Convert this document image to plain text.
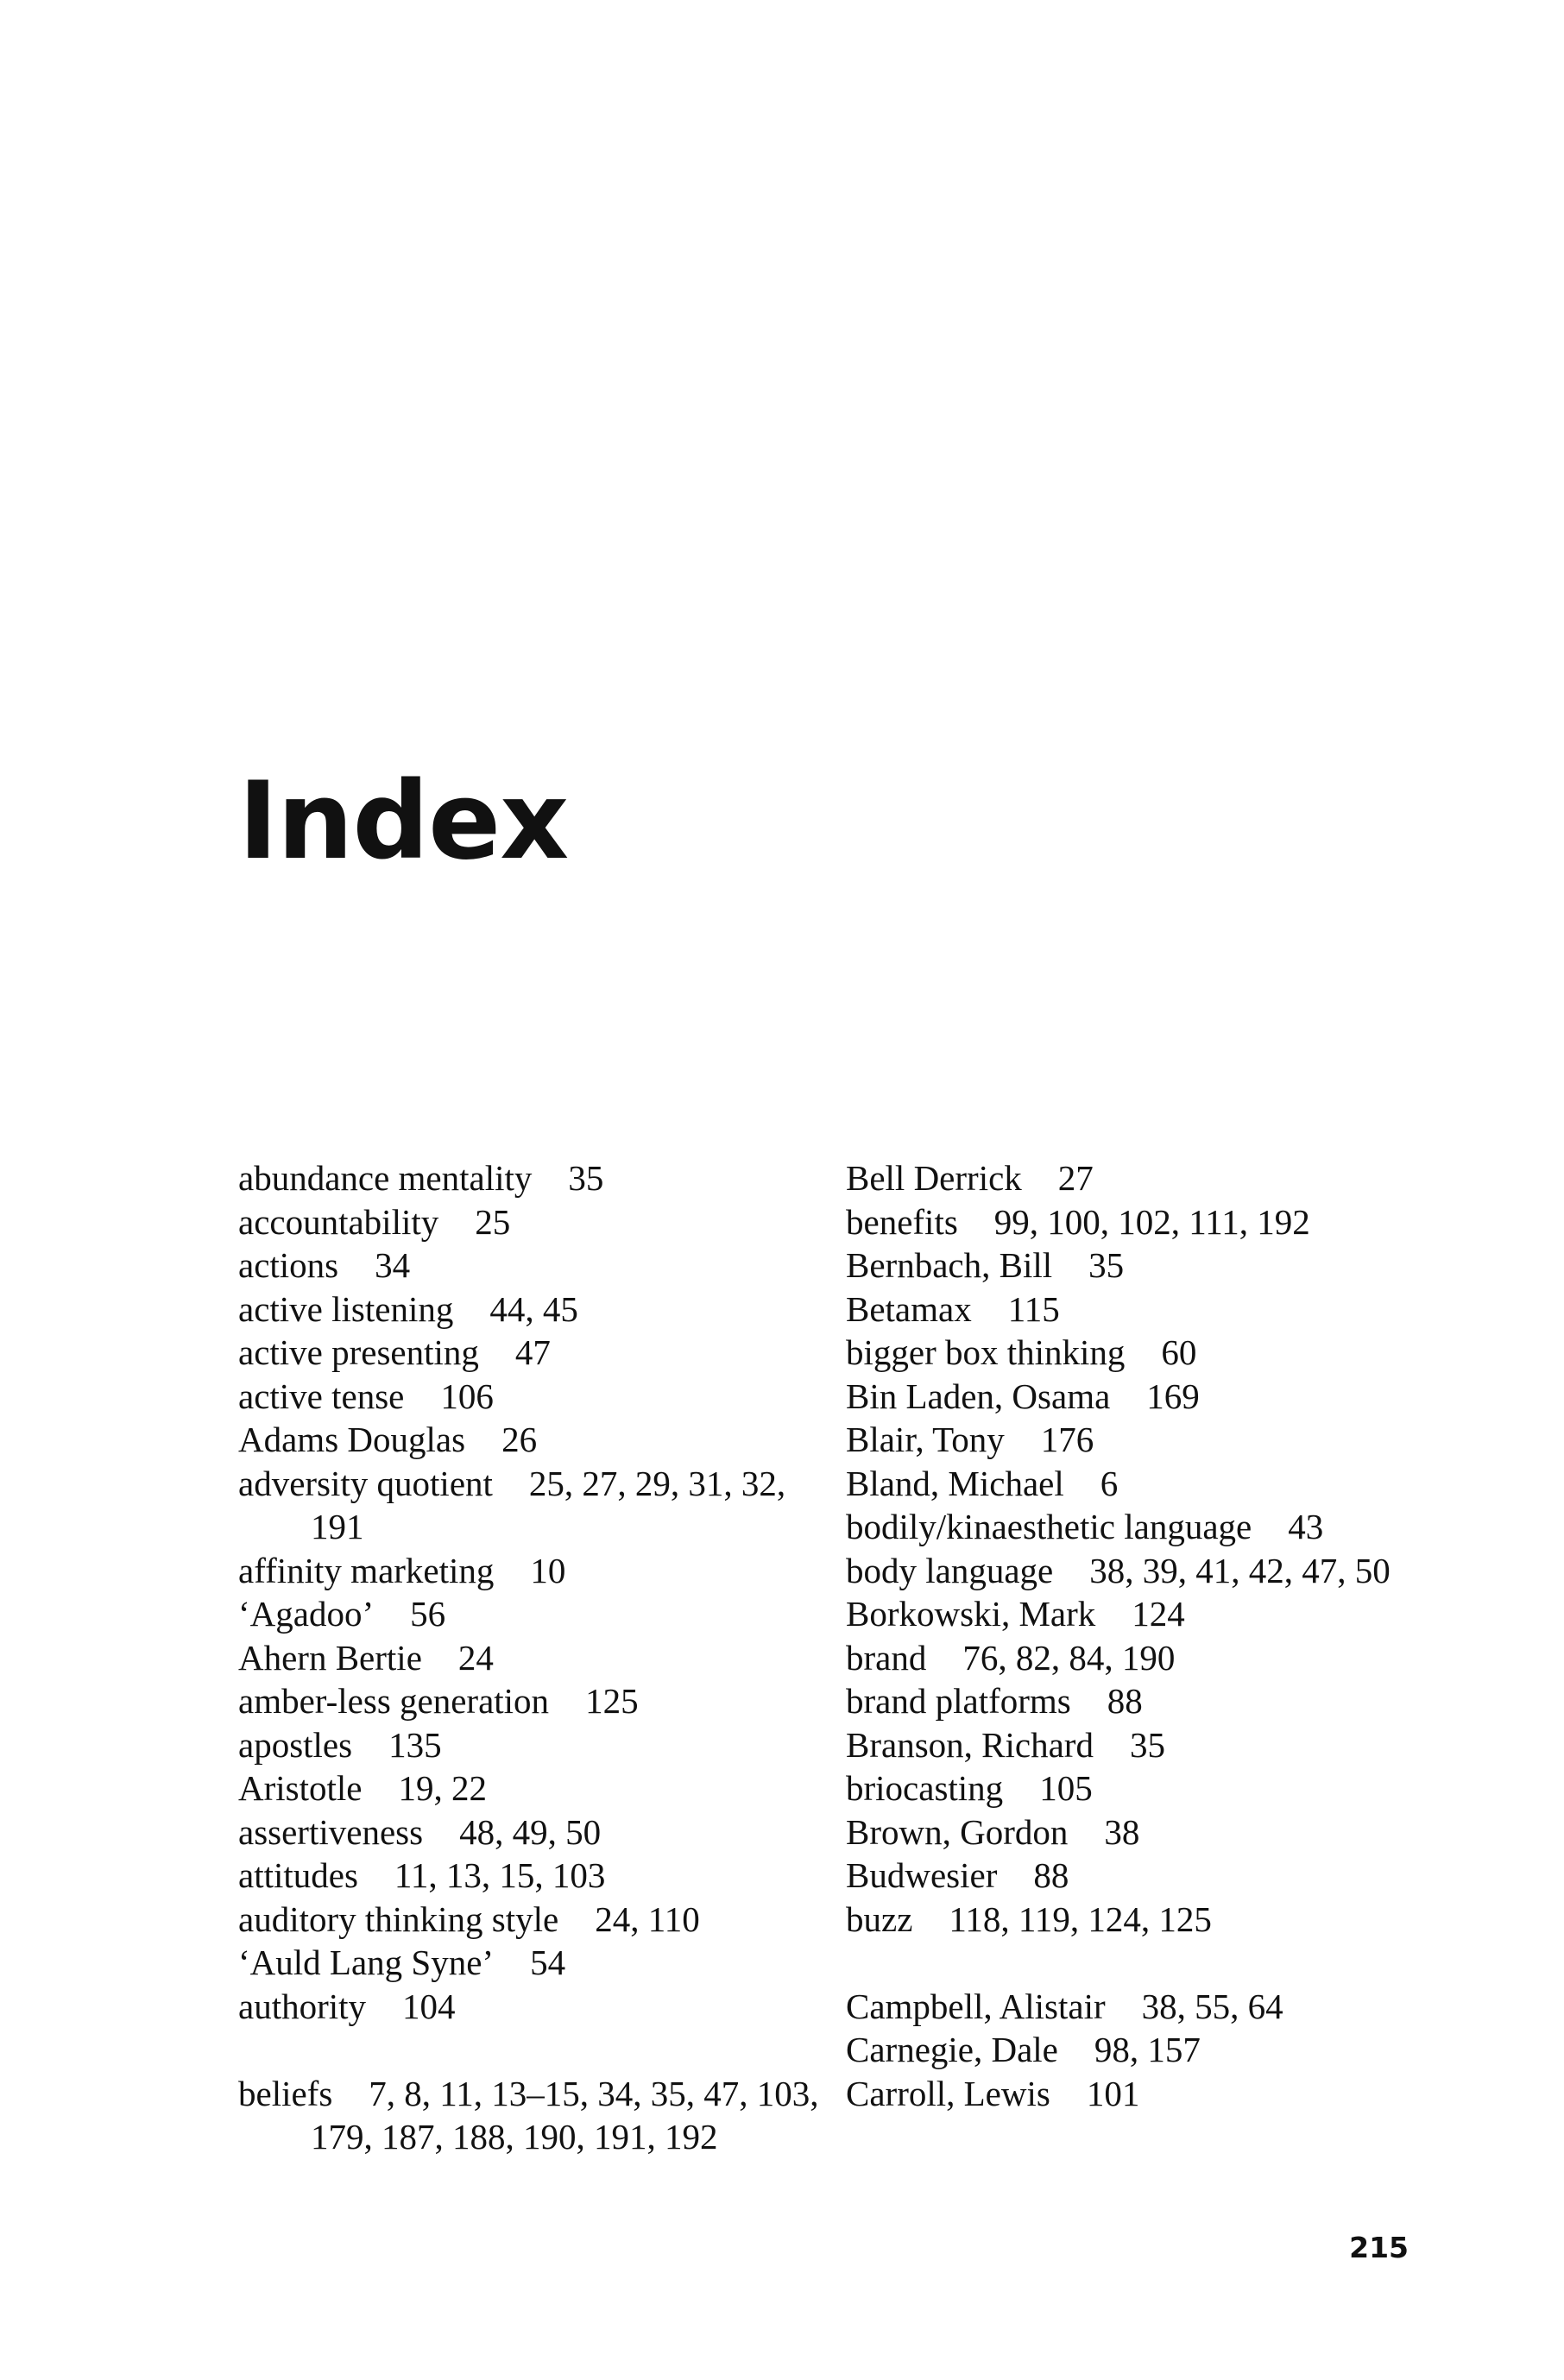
Index
abundance mentality 35
accountability 25
actions 34
active listening 44, 45
active presenting 47
active tense 106
Adams Douglas 26
adversity quotient 25, 27, 29, 31, 32, 191
affinity marketing 10
‘Agadoo’ 56
Ahern Bertie 24
amber-less generation 125
apostles 135
Aristotle 19, 22
assertiveness 48, 49, 50
attitudes 11, 13, 15, 103
auditory thinking style 24, 110
‘Auld Lang Syne’ 54
authority 104
beliefs 7, 8, 11, 13–15, 34, 35, 47, 103, 179, 187, 188, 190, 191, 192
Bell Derrick 27
benefits 99, 100, 102, 111, 192
Bernbach, Bill 35
Betamax 115
bigger box thinking 60
Bin Laden, Osama 169
Blair, Tony 176
Bland, Michael 6
bodily/kinaesthetic language 43
body language 38, 39, 41, 42, 47, 50
Borkowski, Mark 124
brand 76, 82, 84, 190
brand platforms 88
Branson, Richard 35
briocasting 105
Brown, Gordon 38
Budwesier 88
buzz 118, 119, 124, 125
Campbell, Alistair 38, 55, 64
Carnegie, Dale 98, 157
Carroll, Lewis 101
215
